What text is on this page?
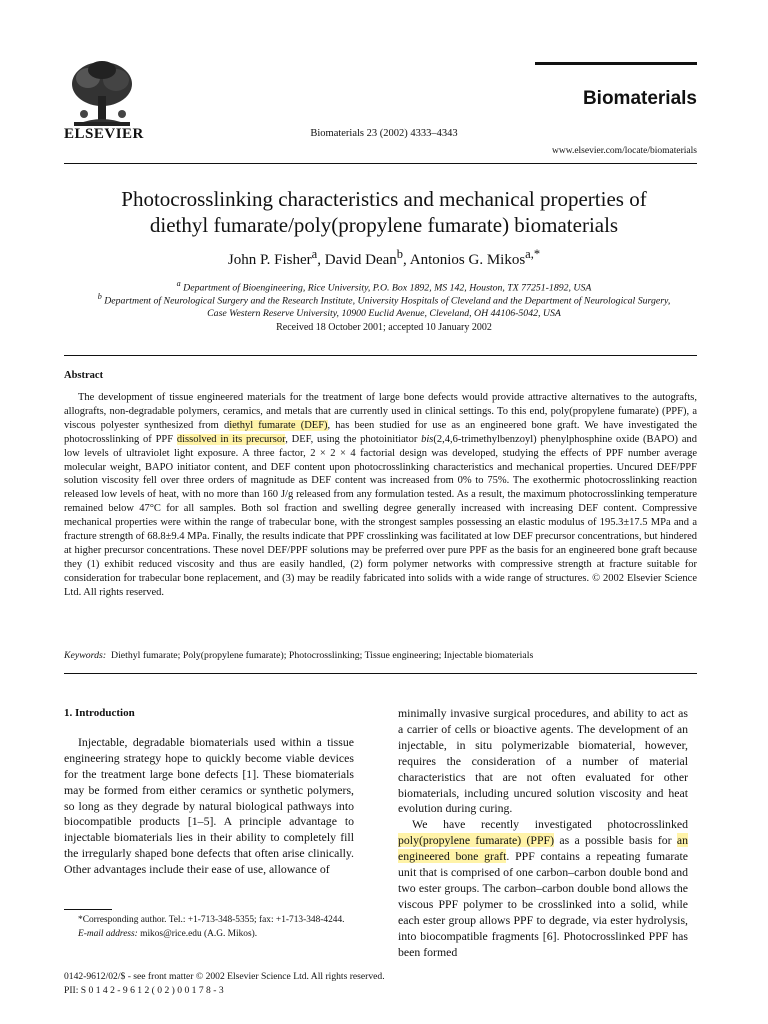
ELSEVIER	Biomaterials 23 (2002) 4333–4343
Biomaterials
www.elsevier.com/locate/biomaterials
Photocrosslinking characteristics and mechanical properties of
diethyl fumarate/poly(propylene fumarate) biomaterials
John P. Fisher$^a$, David Dean$^b$, Antonios G. Mikos$^{a,*}$
$^a$ Department of Bioengineering, Rice University, P.O. Box 1892, MS 142, Houston, TX 77251-1892, USA
$^b$ Department of Neurological Surgery and the Research Institute, University Hospitals of Cleveland and the Department of Neurological Surgery,
Case Western Reserve University, 10900 Euclid Avenue, Cleveland, OH 44106-5042, USA
Received 18 October 2001; accepted 10 January 2002
Abstract
The development of tissue engineered materials for the treatment of large bone defects would provide attractive alternatives to the autografts, allografts, non-degradable polymers, ceramics, and metals that are currently used in clinical settings. To this end, poly(propylene fumarate) (PPF), a viscous polyester synthesized from diethyl fumarate (DEF), has been studied for use as an engineered bone graft. We have investigated the photocrosslinking of PPF dissolved in its precursor, DEF, using the photoinitiator bis(2,4,6-trimethylbenzoyl) phenylphosphine oxide (BAPO) and low levels of ultraviolet light exposure. A three factor, 2 × 2 × 4 factorial design was developed, studying the effects of PPF number average molecular weight, BAPO initiator content, and DEF content upon photocrosslinking characteristics and mechanical properties. Uncured DEF/PPF solution viscosity fell over three orders of magnitude as DEF content was increased from 0% to 75%. The exothermic photocrosslinking reaction released low levels of heat, with no more than 160 J/g released from any formulation tested. As a result, the maximum photocrosslinking temperature remained below 47°C for all samples. Both sol fraction and swelling degree generally increased with increasing DEF content. Compressive mechanical properties were within the range of trabecular bone, with the strongest samples possessing an elastic modulus of 195.3±17.5 MPa and a fracture strength of 68.8±9.4 MPa. Finally, the results indicate that PPF crosslinking was facilitated at low DEF precursor concentrations, but hindered at higher precursor concentrations. These novel DEF/PPF solutions may be preferred over pure PPF as the basis for an engineered bone graft because they (1) exhibit reduced viscosity and thus are easily handled, (2) form polymer networks with compressive strength at fracture suitable for consideration for trabecular bone replacement, and (3) may be readily fabricated into solids with a wide range of structures. © 2002 Elsevier Science Ltd. All rights reserved.
Keywords: Diethyl fumarate; Poly(propylene fumarate); Photocrosslinking; Tissue engineering; Injectable biomaterials
1. Introduction

Injectable, degradable biomaterials used within a tissue engineering strategy hope to quickly become viable devices for the treatment large bone defects [1]. These biomaterials may be formed from either ceramics or synthetic polymers, so long as they degrade by natural biological pathways into biocompatible products [1–5]. A principle advantage to injectable biomaterials lies in their ability to completely fill the irregularly shaped bone defects that often arise clinically. Other advantages include their ease of use, allowance of

minimally invasive surgical procedures, and ability to act as a carrier of cells or bioactive agents. The development of an injectable, in situ polymerizable biomaterial, however, requires the consideration of a number of material characteristics that are not often evaluated for other biomaterials, including uncured solution viscosity and heat evolution during curing.

We have recently investigated photocrosslinked poly(propylene fumarate) (PPF) as a possible basis for an engineered bone graft. PPF contains a repeating fumarate unit that is comprised of one carbon–carbon double bond and two ester groups. The carbon–carbon double bond allows the viscous PPF polymer to be crosslinked into a solid, while each ester group allows PPF to degrade, via ester hydrolysis, into biocompatible fragments [6]. Photocrosslinked PPF has been formed

*Corresponding author. Tel.: +1-713-348-5355; fax: +1-713-348-4244.
E-mail address: mikos@rice.edu (A.G. Mikos).
0142-9612/02/$ - see front matter © 2002 Elsevier Science Ltd. All rights reserved.
PII: S 0 1 4 2 - 9 6 1 2 ( 0 2 ) 0 0 1 7 8 - 3
